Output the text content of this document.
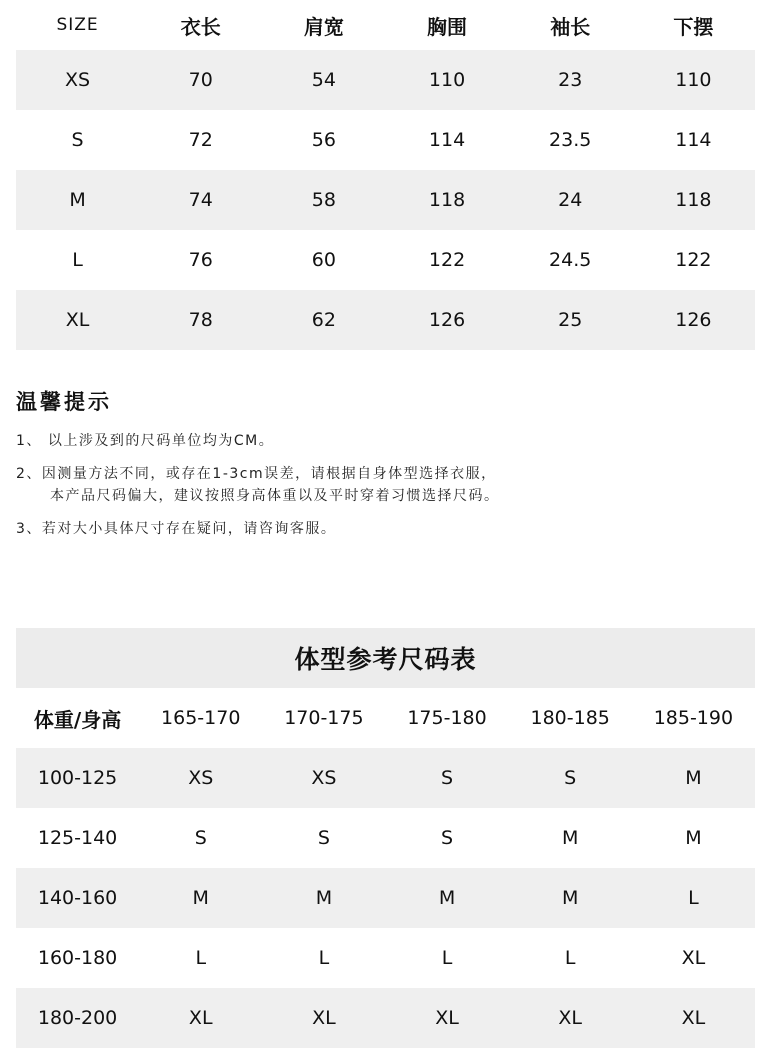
SIZE	衣长	肩宽	胸围	袖长	下摆
XS	70	54	110	23	110
S	72	56	114	23.5	114
M	74	58	118	24	118
L	76	60	122	24.5	122
XL	78	62	126	25	126
温馨提示
1、 以上涉及到的尺码单位均为CM。
2、因测量方法不同，或存在1-3cm误差，请根据自身体型选择衣服，
本产品尺码偏大，建议按照身高体重以及平时穿着习惯选择尺码。
3、若对大小具体尺寸存在疑问，请咨询客服。
体型参考尺码表
体重/身高	165-170	170-175	175-180	180-185	185-190
100-125	XS	XS	S	S	M
125-140	S	S	S	M	M
140-160	M	M	M	M	L
160-180	L	L	L	L	XL
180-200	XL	XL	XL	XL	XL
